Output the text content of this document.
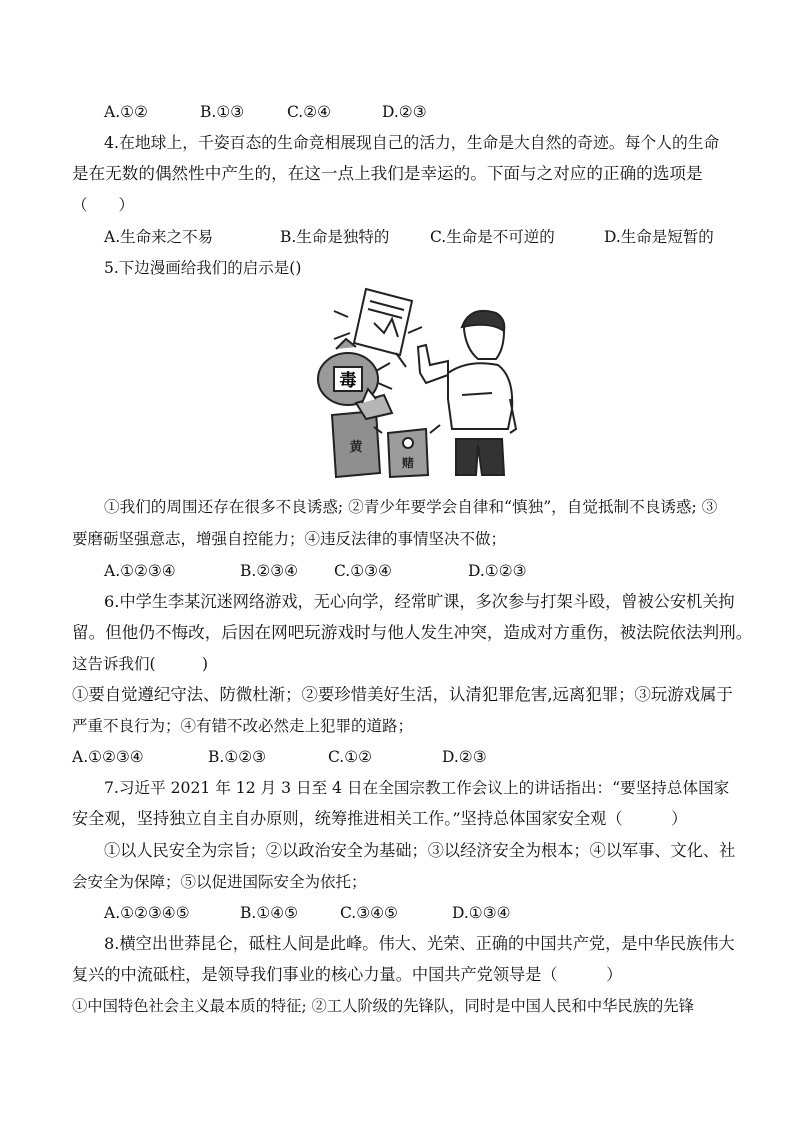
A.①②	B.①③	C.②④	D.②③
4.在地球上，千姿百态的生命竞相展现自己的活力，生命是大自然的奇迹。每个人的生命
是在无数的偶然性中产生的，在这一点上我们是幸运的。下面与之对应的正确的选项是
（　　）
A.生命来之不易	B.生命是独特的	C.生命是不可逆的	D.生命是短暂的
5.下边漫画给我们的启示是()
毒
黄
赌
①我们的周围还存在很多不良诱惑; ②青少年要学会自律和“慎独”，自觉抵制不良诱惑; ③
要磨砺坚强意志，增强自控能力；④违反法律的事情坚决不做；
A.①②③④	B.②③④ C.①③④	D.①②③
6.中学生李某沉迷网络游戏，无心向学，经常旷课，多次参与打架斗殴，曾被公安机关拘
留。但他仍不悔改，后因在网吧玩游戏时与他人发生冲突，造成对方重伤，被法院依法判刑。
这告诉我们(　　　)
①要自觉遵纪守法、防微杜渐；②要珍惜美好生活，认清犯罪危害,远离犯罪；③玩游戏属于
严重不良行为；④有错不改必然走上犯罪的道路；
A.①②③④	B.①②③	C.①②	D.②③
7.习近平 2021 年 12 月 3 日至 4 日在全国宗教工作会议上的讲话指出：“要坚持总体国家
安全观，坚持独立自主自办原则，统筹推进相关工作。”坚持总体国家安全观（　　　）
①以人民安全为宗旨；②以政治安全为基础；③以经济安全为根本；④以军事、文化、社
会安全为保障；⑤以促进国际安全为依托；
A.①②③④⑤	B.①④⑤	C.③④⑤	D.①③④
8.横空出世莽昆仑，砥柱人间是此峰。伟大、光荣、正确的中国共产党，是中华民族伟大
复兴的中流砥柱，是领导我们事业的核心力量。中国共产党领导是（　　　）
①中国特色社会主义最本质的特征; ②工人阶级的先锋队，同时是中国人民和中华民族的先锋
